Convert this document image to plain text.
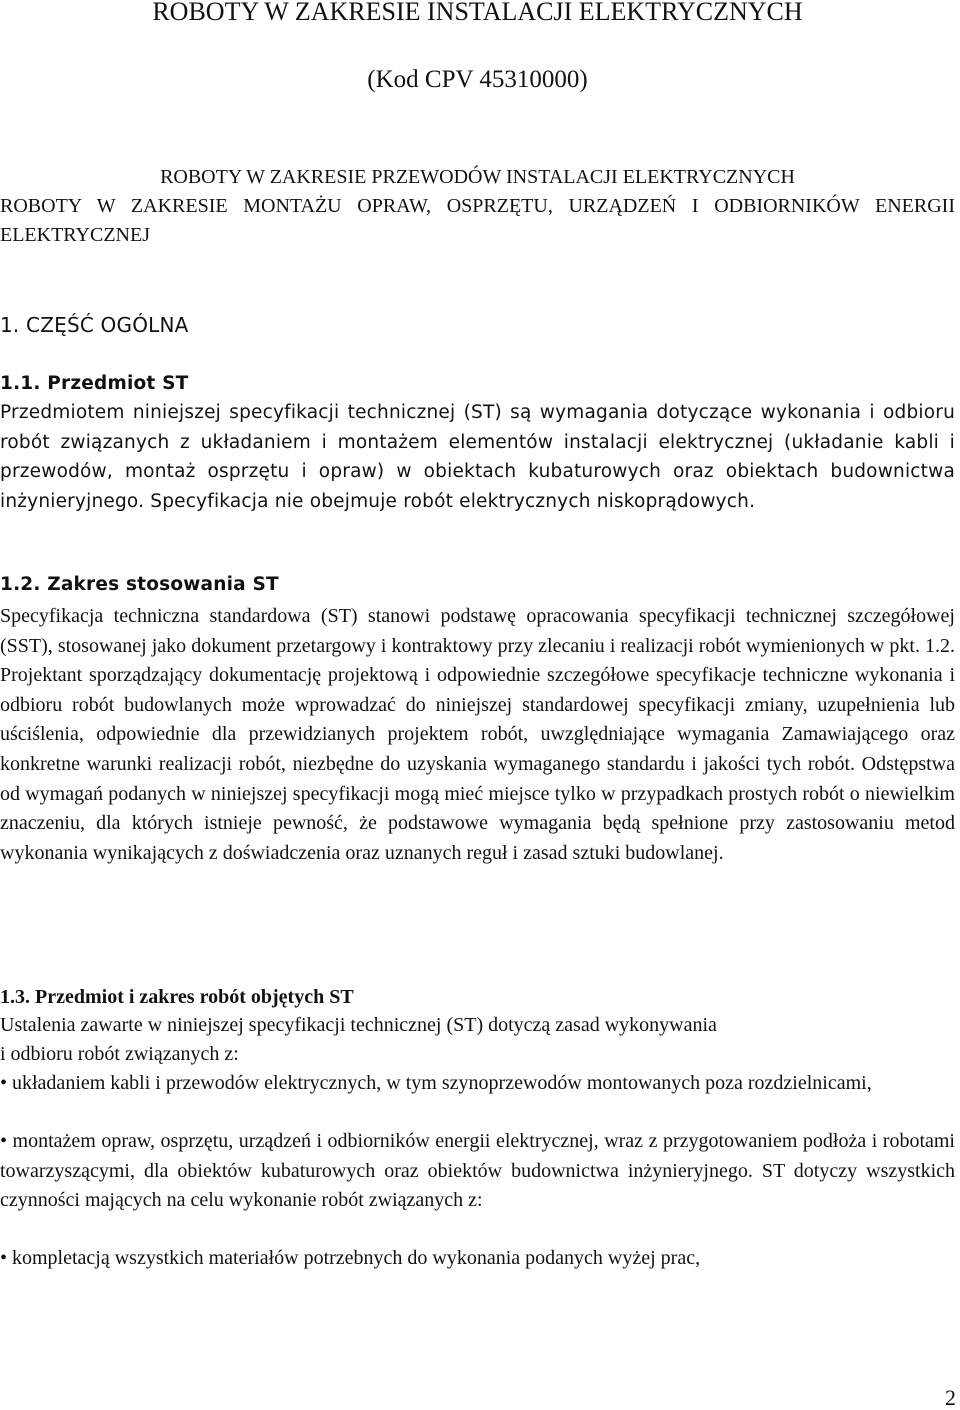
ROBOTY W ZAKRESIE INSTALACJI ELEKTRYCZNYCH
(Kod CPV 45310000)
ROBOTY W ZAKRESIE PRZEWODÓW INSTALACJI ELEKTRYCZNYCH
ROBOTY W ZAKRESIE MONTAŻU OPRAW, OSPRZĘTU, URZĄDZEŃ I ODBIORNIKÓW ENERGII ELEKTRYCZNEJ
1. CZĘŚĆ OGÓLNA
1.1. Przedmiot ST

Przedmiotem niniejszej specyfikacji technicznej (ST) są wymagania dotyczące wykonania i odbioru robót związanych z układaniem i montażem elementów instalacji elektrycznej (układanie kabli i przewodów, montaż osprzętu i opraw) w obiektach kubaturowych oraz obiektach budownictwa inżynieryjnego. Specyfikacja nie obejmuje robót elektrycznych niskoprądowych.

1.2. Zakres stosowania ST

Specyfikacja techniczna standardowa (ST) stanowi podstawę opracowania specyfikacji technicznej szczegółowej (SST), stosowanej jako dokument przetargowy i kontraktowy przy zlecaniu i realizacji robót wymienionych w pkt. 1.2. Projektant sporządzający dokumentację projektową i odpowiednie szczegółowe specyfikacje techniczne wykonania i odbioru robót budowlanych może wprowadzać do niniejszej standardowej specyfikacji zmiany, uzupełnienia lub uściślenia, odpowiednie dla przewidzianych projektem robót, uwzględniające wymagania Zamawiającego oraz konkretne warunki realizacji robót, niezbędne do uzyskania wymaganego standardu i jakości tych robót. Odstępstwa od wymagań podanych w niniejszej specyfikacji mogą mieć miejsce tylko w przypadkach prostych robót o niewielkim znaczeniu, dla których istnieje pewność, że podstawowe wymagania będą spełnione przy zastosowaniu metod wykonania wynikających z doświadczenia oraz uznanych reguł i zasad sztuki budowlanej.

1.3. Przedmiot i zakres robót objętych ST
Ustalenia zawarte w niniejszej specyfikacji technicznej (ST) dotyczą zasad wykonywania
i odbioru robót związanych z:

• układaniem kabli i przewodów elektrycznych, w tym szynoprzewodów montowanych poza rozdzielnicami,

• montażem opraw, osprzętu, urządzeń i odbiorników energii elektrycznej, wraz z przygotowaniem podłoża i robotami towarzyszącymi, dla obiektów kubaturowych oraz obiektów budownictwa inżynieryjnego. ST dotyczy wszystkich czynności mających na celu wykonanie robót związanych z:

• kompletacją wszystkich materiałów potrzebnych do wykonania podanych wyżej prac,

2
